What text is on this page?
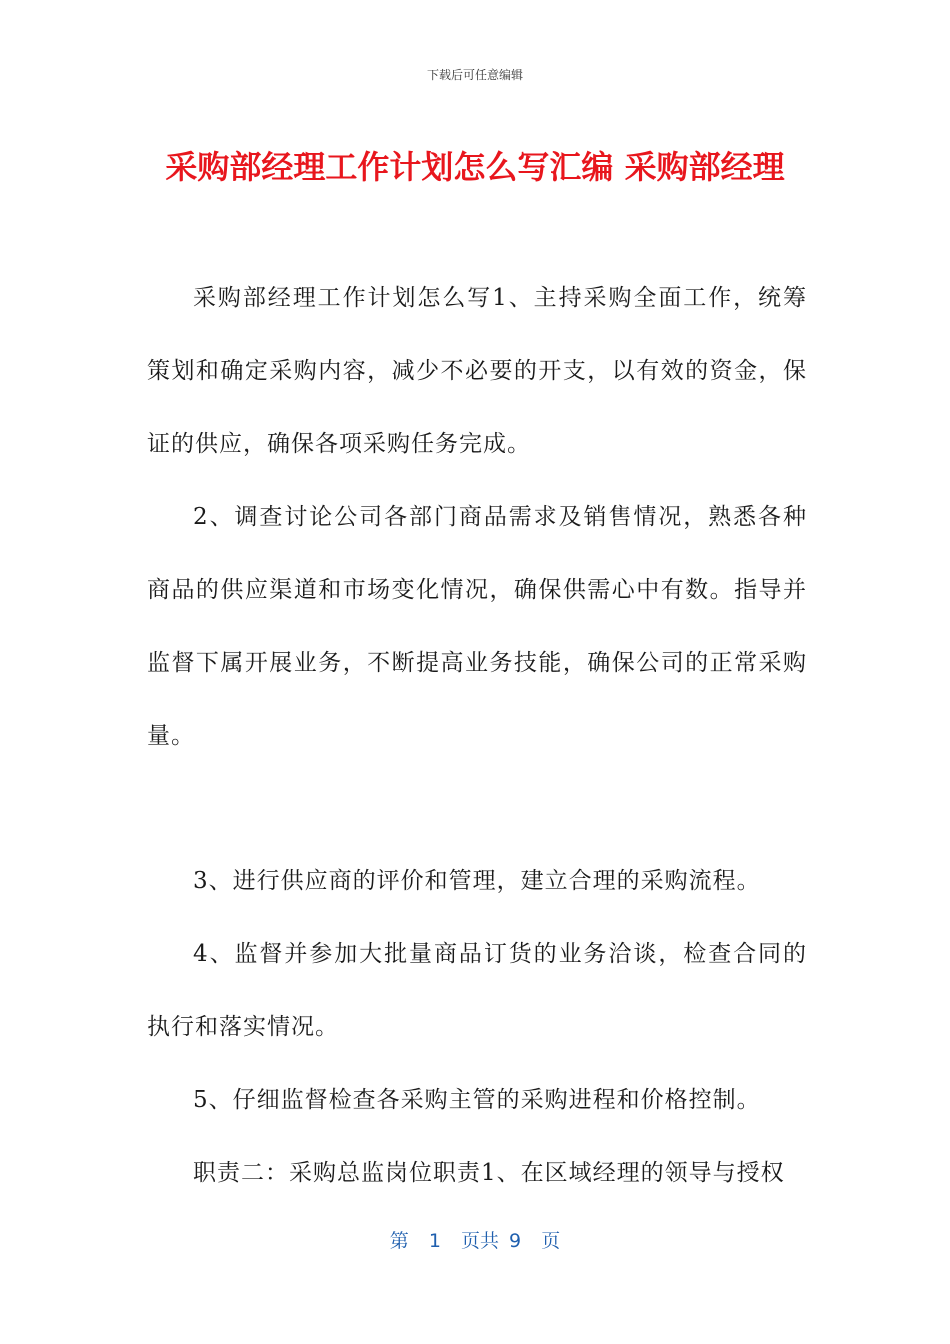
下载后可任意编辑
采购部经理工作计划怎么写汇编 采购部经理

采购部经理工作计划怎么写1、主持采购全面工作，统筹策划和确定采购内容，减少不必要的开支，以有效的资金，保证的供应，确保各项采购任务完成。

2、调查讨论公司各部门商品需求及销售情况，熟悉各种商品的供应渠道和市场变化情况，确保供需心中有数。指导并监督下属开展业务，不断提高业务技能，确保公司的正常采购量。

3、进行供应商的评价和管理，建立合理的采购流程。

4、监督并参加大批量商品订货的业务洽谈，检查合同的执行和落实情况。

5、仔细监督检查各采购主管的采购进程和价格控制。

职责二：采购总监岗位职责1、在区域经理的领导与授权

第  1  页共 9  页
